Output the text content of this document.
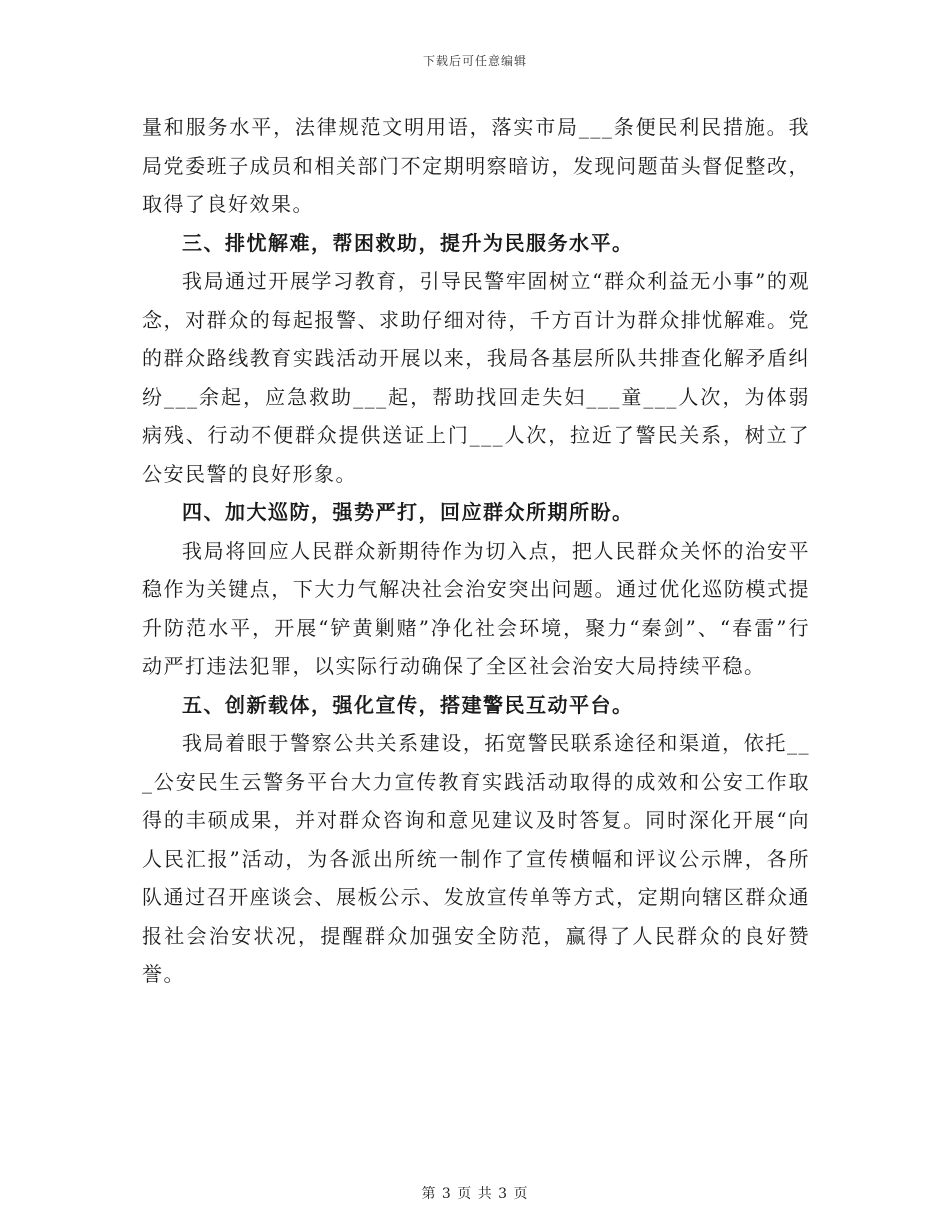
下载后可任意编辑

量和服务水平，法律规范文明用语，落实市局___条便民利民措施。我局党委班子成员和相关部门不定期明察暗访，发现问题苗头督促整改，取得了良好效果。

三、排忧解难，帮困救助，提升为民服务水平。

我局通过开展学习教育，引导民警牢固树立“群众利益无小事”的观念，对群众的每起报警、求助仔细对待，千方百计为群众排忧解难。党的群众路线教育实践活动开展以来，我局各基层所队共排查化解矛盾纠纷___余起，应急救助___起，帮助找回走失妇___童___人次，为体弱病残、行动不便群众提供送证上门___人次，拉近了警民关系，树立了公安民警的良好形象。

四、加大巡防，强势严打，回应群众所期所盼。

我局将回应人民群众新期待作为切入点，把人民群众关怀的治安平稳作为关键点，下大力气解决社会治安突出问题。通过优化巡防模式提升防范水平，开展“铲黄剿赌”净化社会环境，聚力“秦剑”、“春雷”行动严打违法犯罪，以实际行动确保了全区社会治安大局持续平稳。

五、创新载体，强化宣传，搭建警民互动平台。

我局着眼于警察公共关系建设，拓宽警民联系途径和渠道，依托___公安民生云警务平台大力宣传教育实践活动取得的成效和公安工作取得的丰硕成果，并对群众咨询和意见建议及时答复。同时深化开展“向人民汇报”活动，为各派出所统一制作了宣传横幅和评议公示牌，各所队通过召开座谈会、展板公示、发放宣传单等方式，定期向辖区群众通报社会治安状况，提醒群众加强安全防范，赢得了人民群众的良好赞誉。

第 3 页 共 3 页
